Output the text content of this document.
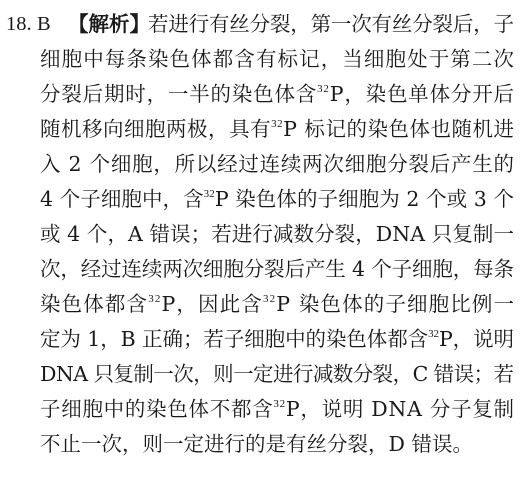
18. B 【解析】
若进行有丝分裂，第一次有丝分裂后，子
细胞中每条染色体都含有标记，当细胞处于第二次
分裂后期时，一半的染色体含$^{32}$P，染色单体分开后
随机移向细胞两极，具有$^{32}$P 标记的染色体也随机进
入 2 个细胞，所以经过连续两次细胞分裂后产生的
4 个子细胞中，含$^{32}$P 染色体的子细胞为 2 个或 3 个
或 4 个，A 错误；若进行减数分裂，DNA 只复制一
次，经过连续两次细胞分裂后产生 4 个子细胞，每条
染色体都含$^{32}$P，因此含$^{32}$P 染色体的子细胞比例一
定为 1，B 正确；若子细胞中的染色体都含$^{32}$P，说明
DNA 只复制一次，则一定进行减数分裂，C 错误；若
子细胞中的染色体不都含$^{32}$P，说明 DNA 分子复制
不止一次，则一定进行的是有丝分裂，D 错误。
